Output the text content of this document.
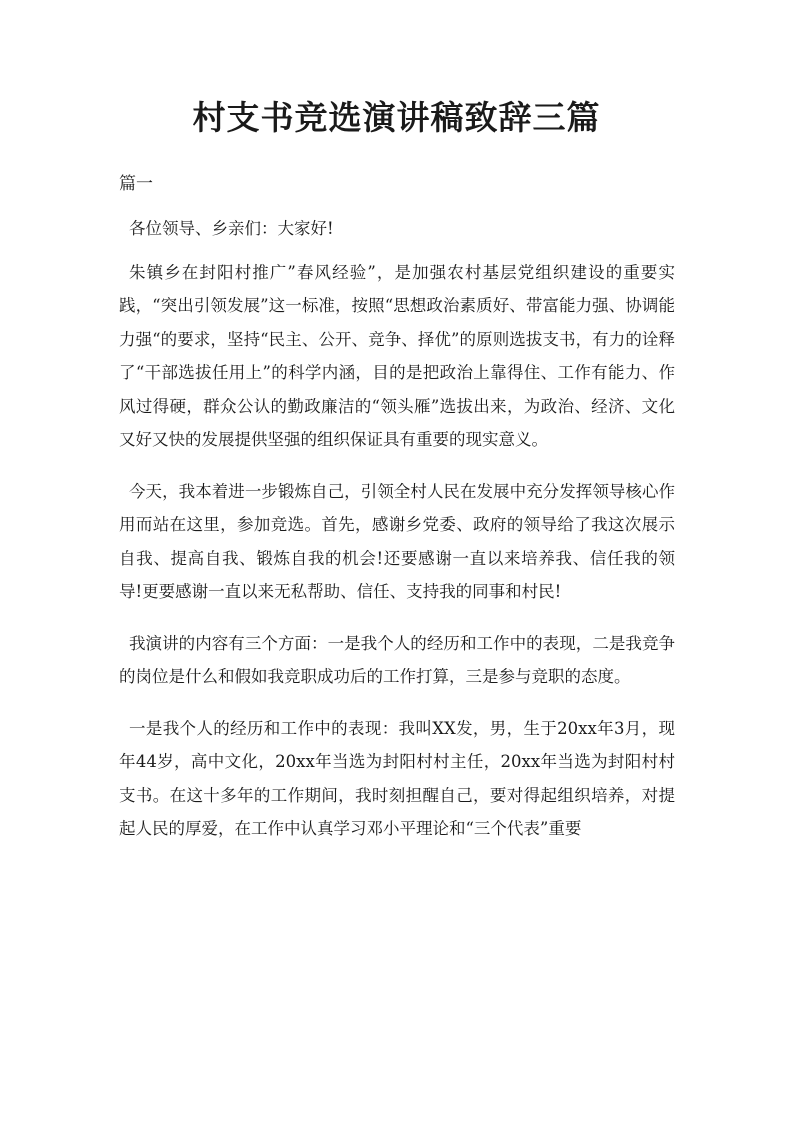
村支书竞选演讲稿致辞三篇
篇一

各位领导、乡亲们：大家好!

朱镇乡在封阳村推广”春风经验”，是加强农村基层党组织建设的重要实践，“突出引领发展”这一标准，按照“思想政治素质好、带富能力强、协调能力强“的要求，坚持“民主、公开、竞争、择优”的原则选拔支书，有力的诠释了“干部选拔任用上”的科学内涵，目的是把政治上靠得住、工作有能力、作风过得硬，群众公认的勤政廉洁的“领头雁”选拔出来，为政治、经济、文化又好又快的发展提供坚强的组织保证具有重要的现实意义。

今天，我本着进一步锻炼自己，引领全村人民在发展中充分发挥领导核心作用而站在这里，参加竞选。首先，感谢乡党委、政府的领导给了我这次展示自我、提高自我、锻炼自我的机会!还要感谢一直以来培养我、信任我的领导!更要感谢一直以来无私帮助、信任、支持我的同事和村民!

我演讲的内容有三个方面：一是我个人的经历和工作中的表现，二是我竞争的岗位是什么和假如我竞职成功后的工作打算，三是参与竞职的态度。

一是我个人的经历和工作中的表现：我叫XX发，男，生于20xx年3月，现年44岁，高中文化，20xx年当选为封阳村村主任，20xx年当选为封阳村村支书。在这十多年的工作期间，我时刻担醒自己，要对得起组织培养，对提起人民的厚爱，在工作中认真学习邓小平理论和“三个代表”重要
